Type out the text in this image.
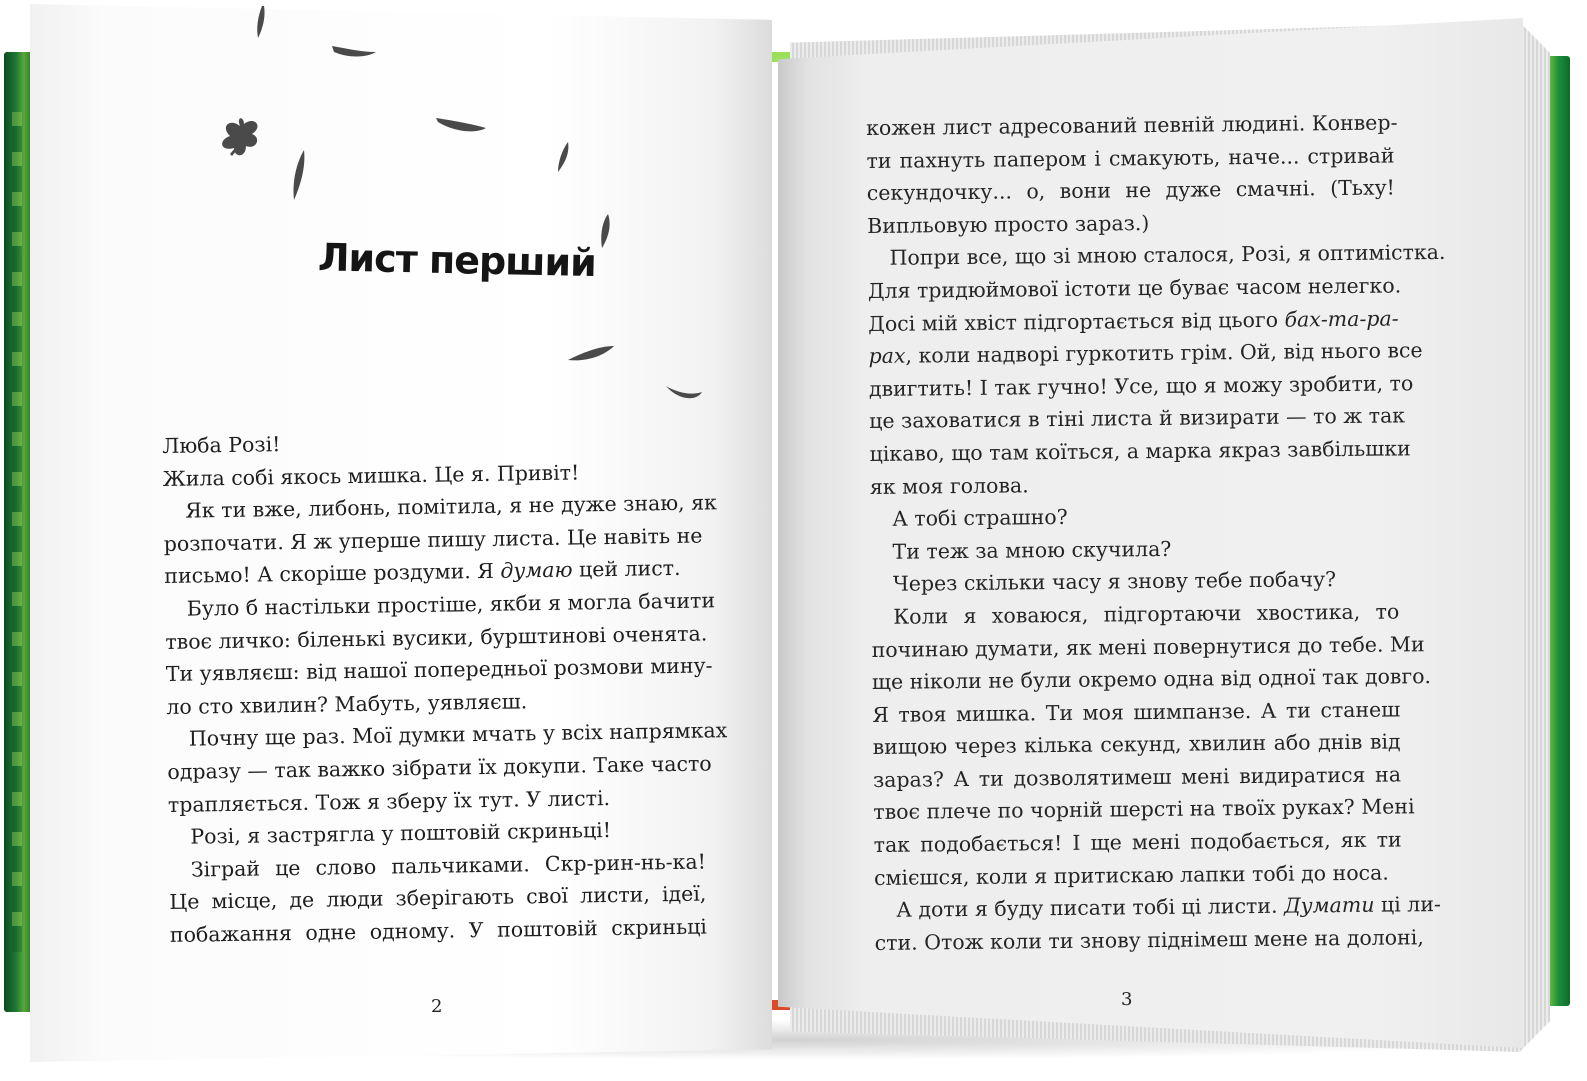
Лист перший
Люба Розі!
Жила собі якось мишка. Це я. Привіт!
Як ти вже, либонь, помітила, я не дуже знаю, як
розпочати. Я ж уперше пишу листа. Це навіть не
письмо! А скоріше роздуми. Я думаю цей лист.
Було б настільки простіше, якби я могла бачити
твоє личко: біленькі вусики, бурштинові оченята.
Ти уявляєш: від нашої попередньої розмови мину-
ло сто хвилин? Мабуть, уявляєш.
Почну ще раз. Мої думки мчать у всіх напрямках
одразу — так важко зібрати їх докупи. Таке часто
трапляється. Тож я зберу їх тут. У листі.
Розі, я застрягла у поштовій скриньці!
Зіграй це слово пальчиками. Скр-рин-нь-ка!
Це місце, де люди зберігають свої листи, ідеї,
побажання одне одному. У поштовій скриньці
кожен лист адресований певній людині. Конвер-
ти пахнуть папером і смакують, наче... стривай
секундочку... о, вони не дуже смачні. (Тьху!
Випльовую просто зараз.)
Попри все, що зі мною сталося, Розі, я оптимістка.
Для тридюймової істоти це буває часом нелегко.
Досі мій хвіст підгортається від цього бах-та-ра-
рах, коли надворі гуркотить грім. Ой, від нього все
двигтить! І так гучно! Усе, що я можу зробити, то
це заховатися в тіні листа й визирати — то ж так
цікаво, що там коїться, а марка якраз завбільшки
як моя голова.
А тобі страшно?
Ти теж за мною скучила?
Через скільки часу я знову тебе побачу?
Коли я ховаюся, підгортаючи хвостика, то
починаю думати, як мені повернутися до тебе. Ми
ще ніколи не були окремо одна від одної так довго.
Я твоя мишка. Ти моя шимпанзе. А ти станеш
вищою через кілька секунд, хвилин або днів від
зараз? А ти дозволятимеш мені видиратися на
твоє плече по чорній шерсті на твоїх руках? Мені
так подобається! І ще мені подобається, як ти
смієшся, коли я притискаю лапки тобі до носа.
А доти я буду писати тобі ці листи. Думати ці ли-
сти. Отож коли ти знову піднімеш мене на долоні,
2	3
